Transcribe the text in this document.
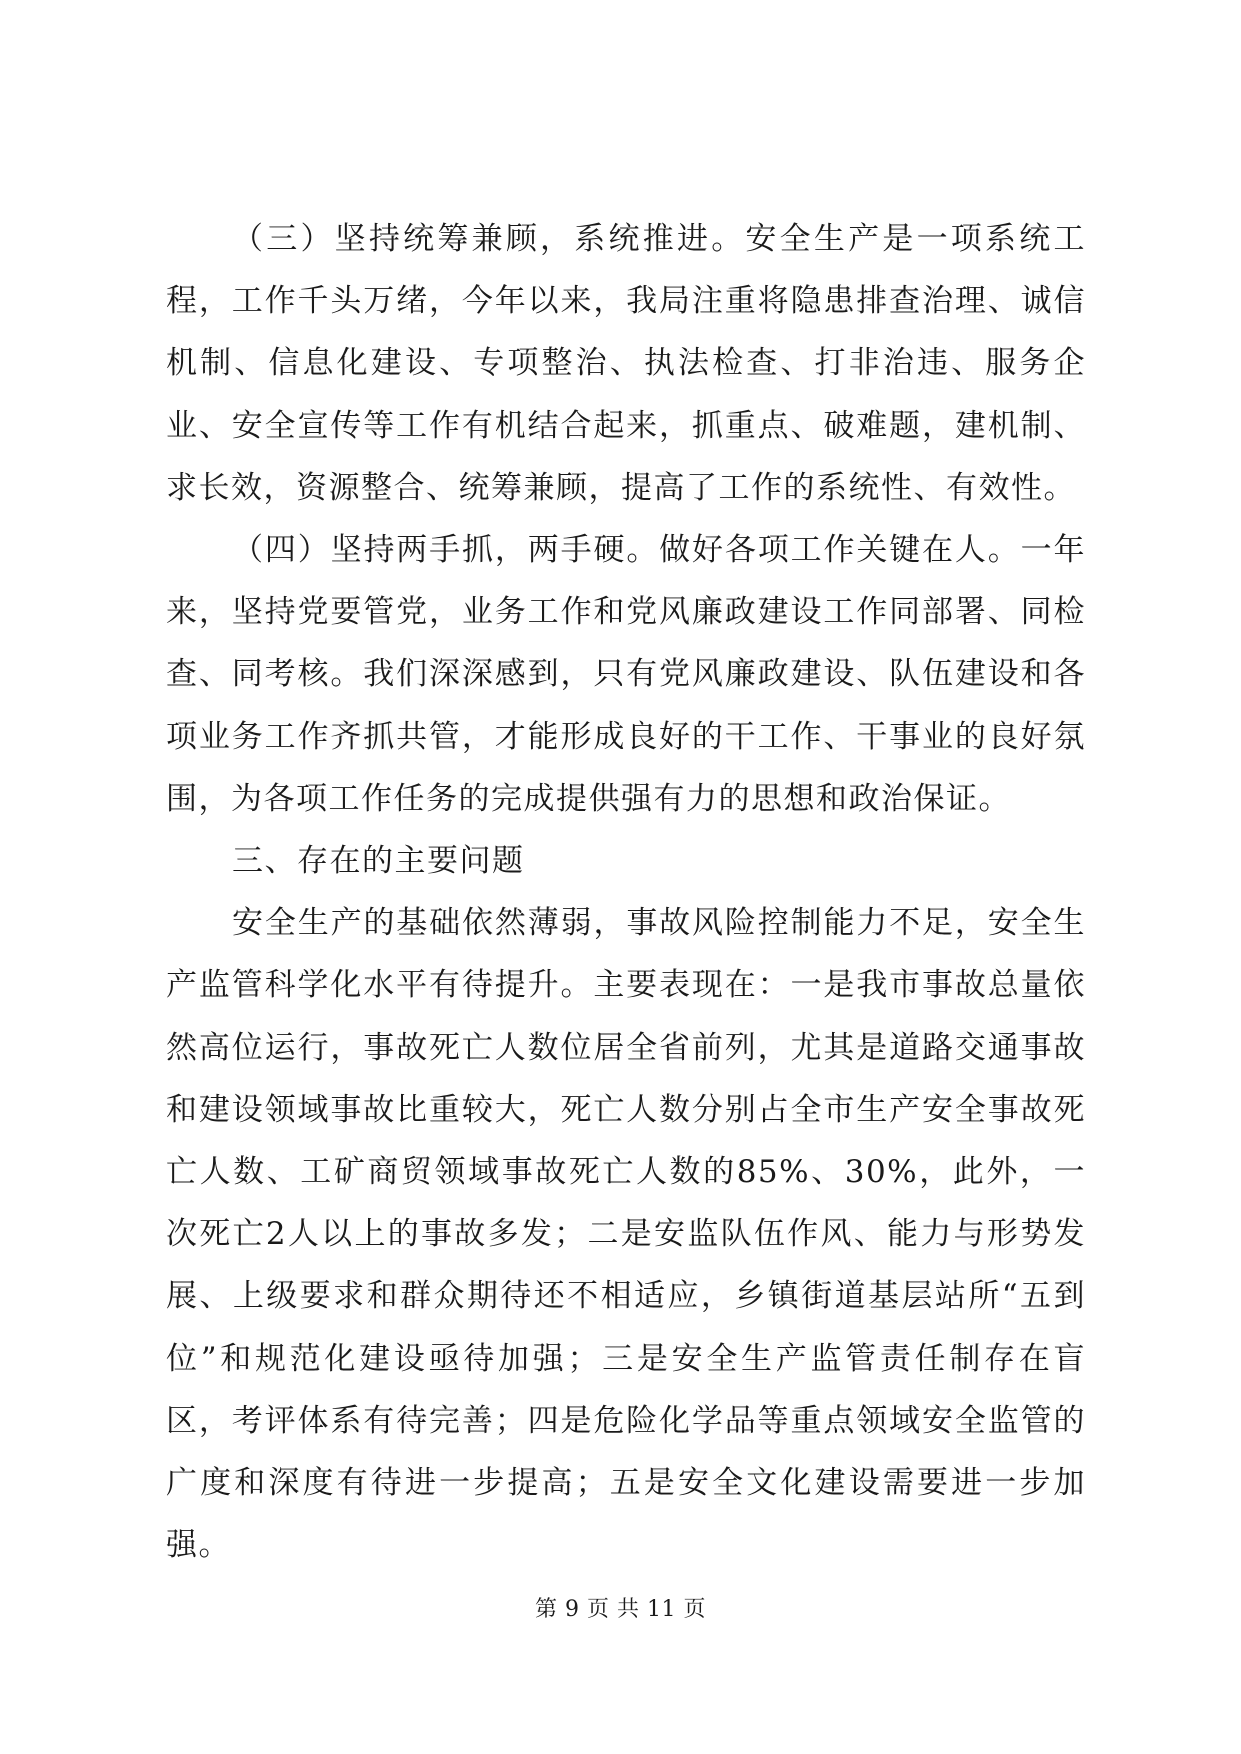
（三）坚持统筹兼顾，系统推进。安全生产是一项系统工程，工作千头万绪，今年以来，我局注重将隐患排查治理、诚信机制、信息化建设、专项整治、执法检查、打非治违、服务企业、安全宣传等工作有机结合起来，抓重点、破难题，建机制、求长效，资源整合、统筹兼顾，提高了工作的系统性、有效性。

（四）坚持两手抓，两手硬。做好各项工作关键在人。一年来，坚持党要管党，业务工作和党风廉政建设工作同部署、同检查、同考核。我们深深感到，只有党风廉政建设、队伍建设和各项业务工作齐抓共管，才能形成良好的干工作、干事业的良好氛围，为各项工作任务的完成提供强有力的思想和政治保证。

三、存在的主要问题

安全生产的基础依然薄弱，事故风险控制能力不足，安全生产监管科学化水平有待提升。主要表现在：一是我市事故总量依然高位运行，事故死亡人数位居全省前列，尤其是道路交通事故和建设领域事故比重较大，死亡人数分别占全市生产安全事故死亡人数、工矿商贸领域事故死亡人数的85%、30%，此外，一次死亡2人以上的事故多发；二是安监队伍作风、能力与形势发展、上级要求和群众期待还不相适应，乡镇街道基层站所“五到位”和规范化建设亟待加强；三是安全生产监管责任制存在盲区，考评体系有待完善；四是危险化学品等重点领域安全监管的广度和深度有待进一步提高；五是安全文化建设需要进一步加强。

第 9 页 共 11 页
